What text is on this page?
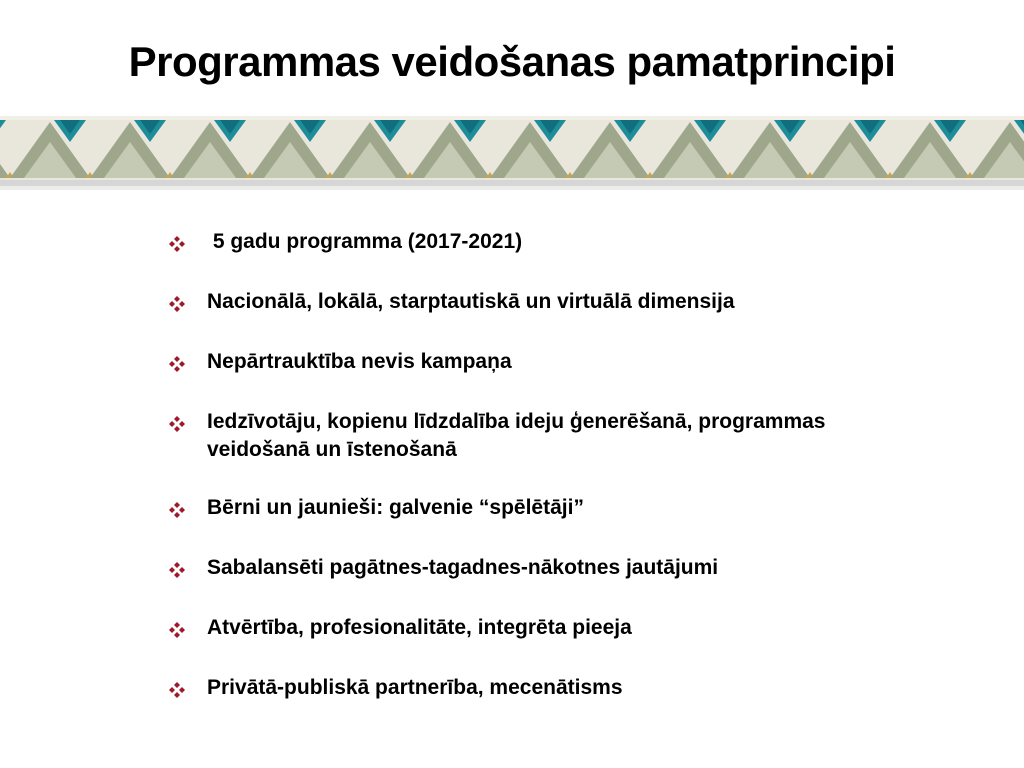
Programmas veidošanas pamatprincipi
5 gadu programma (2017-2021)
Nacionālā, lokālā, starptautiskā un virtuālā dimensija
Nepārtrauktība nevis kampaņa
Iedzīvotāju, kopienu līdzdalība ideju ģenerēšanā, programmas veidošanā un īstenošanā
Bērni un jaunieši: galvenie “spēlētāji”
Sabalansēti pagātnes-tagadnes-nākotnes jautājumi
Atvērtība, profesionalitāte, integrēta pieeja
Privātā-publiskā partnerība, mecenātisms
